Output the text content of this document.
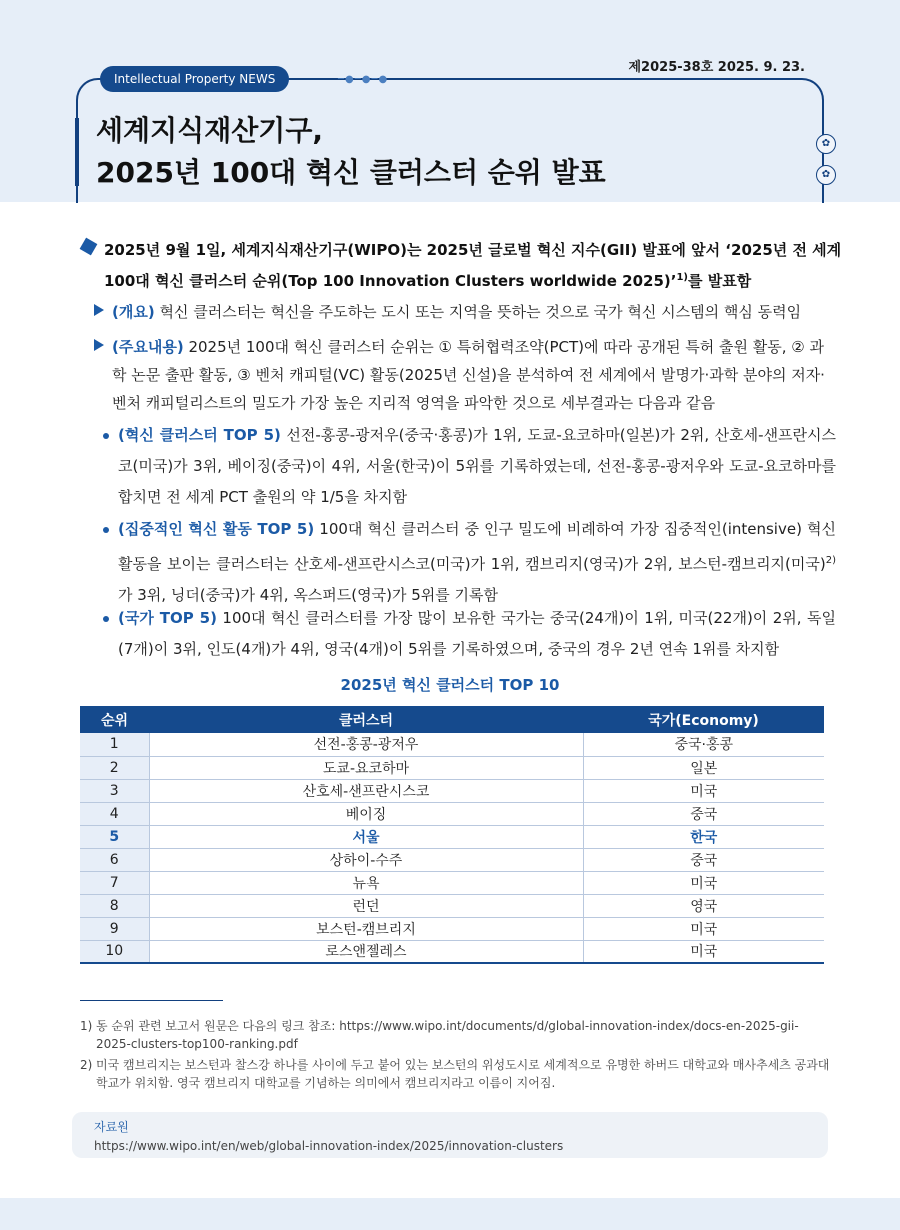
제2025-38호 2025. 9. 23.
Intellectual Property NEWS	─●─●─●
✿
✿
세계지식재산기구,
2025년 100대 혁신 클러스터 순위 발표

2025년 9월 1일, 세계지식재산기구(WIPO)는 2025년 글로벌 혁신 지수(GII) 발표에 앞서 ‘2025년 전 세계 100대 혁신 클러스터 순위(Top 100 Innovation Clusters worldwide 2025)’$^{1)}$를 발표함

(개요) 혁신 클러스터는 혁신을 주도하는 도시 또는 지역을 뜻하는 것으로 국가 혁신 시스템의 핵심 동력임

(주요내용) 2025년 100대 혁신 클러스터 순위는 ① 특허협력조약(PCT)에 따라 공개된 특허 출원 활동, ② 과학 논문 출판 활동, ③ 벤처 캐피털(VC) 활동(2025년 신설)을 분석하여 전 세계에서 발명가·과학 분야의 저자·벤처 캐피털리스트의 밀도가 가장 높은 지리적 영역을 파악한 것으로 세부결과는 다음과 같음

(혁신 클러스터 TOP 5) 선전-홍콩-광저우(중국·홍콩)가 1위, 도쿄-요코하마(일본)가 2위, 산호세-샌프란시스코(미국)가 3위, 베이징(중국)이 4위, 서울(한국)이 5위를 기록하였는데, 선전-홍콩-광저우와 도쿄-요코하마를 합치면 전 세계 PCT 출원의 약 1/5을 차지함

(집중적인 혁신 활동 TOP 5) 100대 혁신 클러스터 중 인구 밀도에 비례하여 가장 집중적인(intensive) 혁신 활동을 보이는 클러스터는 산호세-샌프란시스코(미국)가 1위, 캠브리지(영국)가 2위, 보스턴-캠브리지(미국)$^{2)}$가 3위, 닝더(중국)가 4위, 옥스퍼드(영국)가 5위를 기록함

(국가 TOP 5) 100대 혁신 클러스터를 가장 많이 보유한 국가는 중국(24개)이 1위, 미국(22개)이 2위, 독일(7개)이 3위, 인도(4개)가 4위, 영국(4개)이 5위를 기록하였으며, 중국의 경우 2년 연속 1위를 차지함

2025년 혁신 클러스터 TOP 10
순위	클러스터	국가(Economy)
1	선전-홍콩-광저우	중국·홍콩
2	도쿄-요코하마	일본
3	산호세-샌프란시스코	미국
4	베이징	중국
5	서울	한국
6	상하이-수주	중국
7	뉴욕	미국
8	런던	영국
9	보스턴-캠브리지	미국
10	로스앤젤레스	미국
1) 동 순위 관련 보고서 원문은 다음의 링크 참조: https://www.wipo.int/documents/d/global-innovation-index/docs-en-2025-gii-2025-clusters-top100-ranking.pdf

2) 미국 캠브리지는 보스턴과 찰스강 하나를 사이에 두고 붙어 있는 보스턴의 위성도시로 세계적으로 유명한 하버드 대학교와 매사추세츠 공과대학교가 위치함. 영국 캠브리지 대학교를 기념하는 의미에서 캠브리지라고 이름이 지어짐.

자료원
https://www.wipo.int/en/web/global-innovation-index/2025/innovation-clusters
